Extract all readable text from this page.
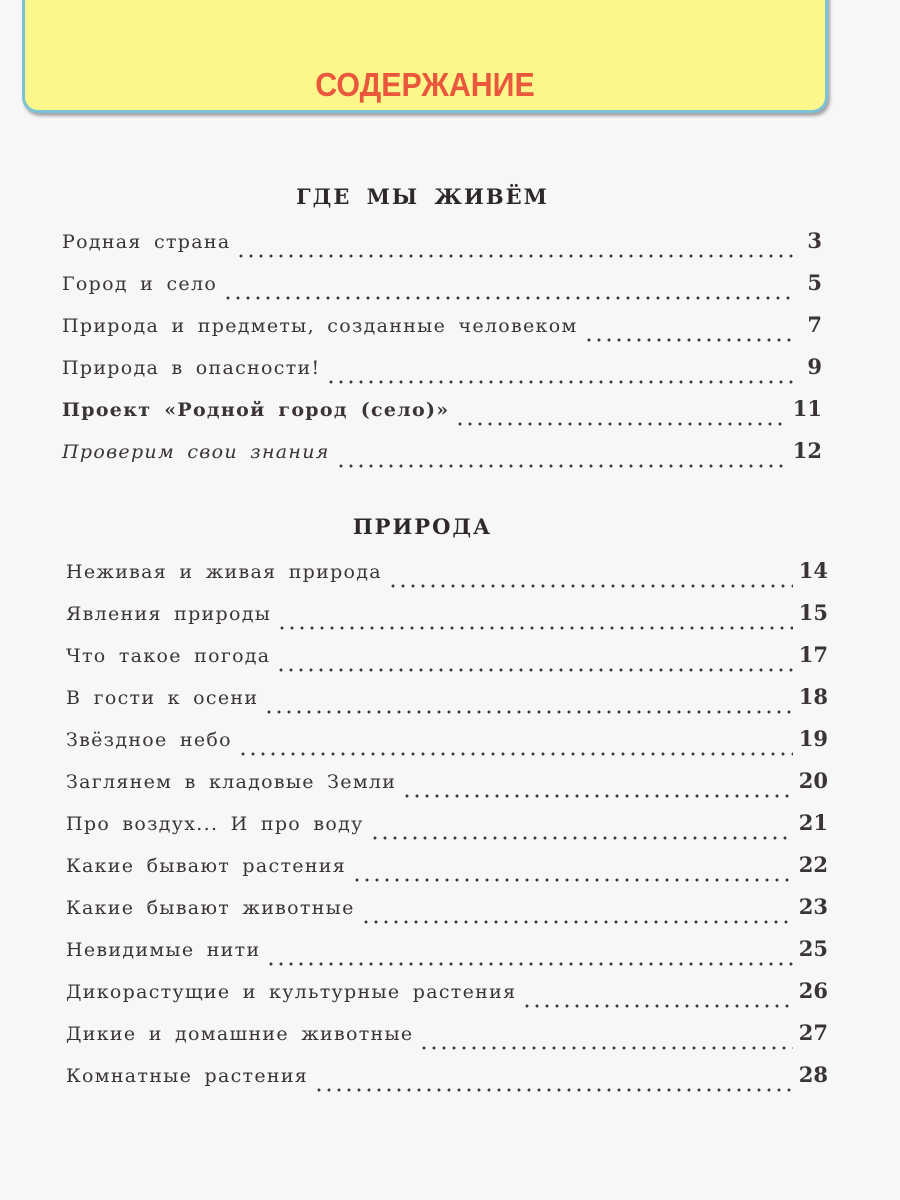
СОДЕРЖАНИЕ
ГДЕ МЫ ЖИВЁМ
Родная страна	3
Город и село	5
Природа и предметы, созданные человеком	7
Природа в опасности!	9
Проект «Родной город (село)»	11
Проверим свои знания	12
ПРИРОДА
Неживая и живая природа	14
Явления природы	15
Что такое погода	17
В гости к осени	18
Звёздное небо	19
Заглянем в кладовые Земли	20
Про воздух... И про воду	21
Какие бывают растения	22
Какие бывают животные	23
Невидимые нити	25
Дикорастущие и культурные растения	26
Дикие и домашние животные	27
Комнатные растения	28
